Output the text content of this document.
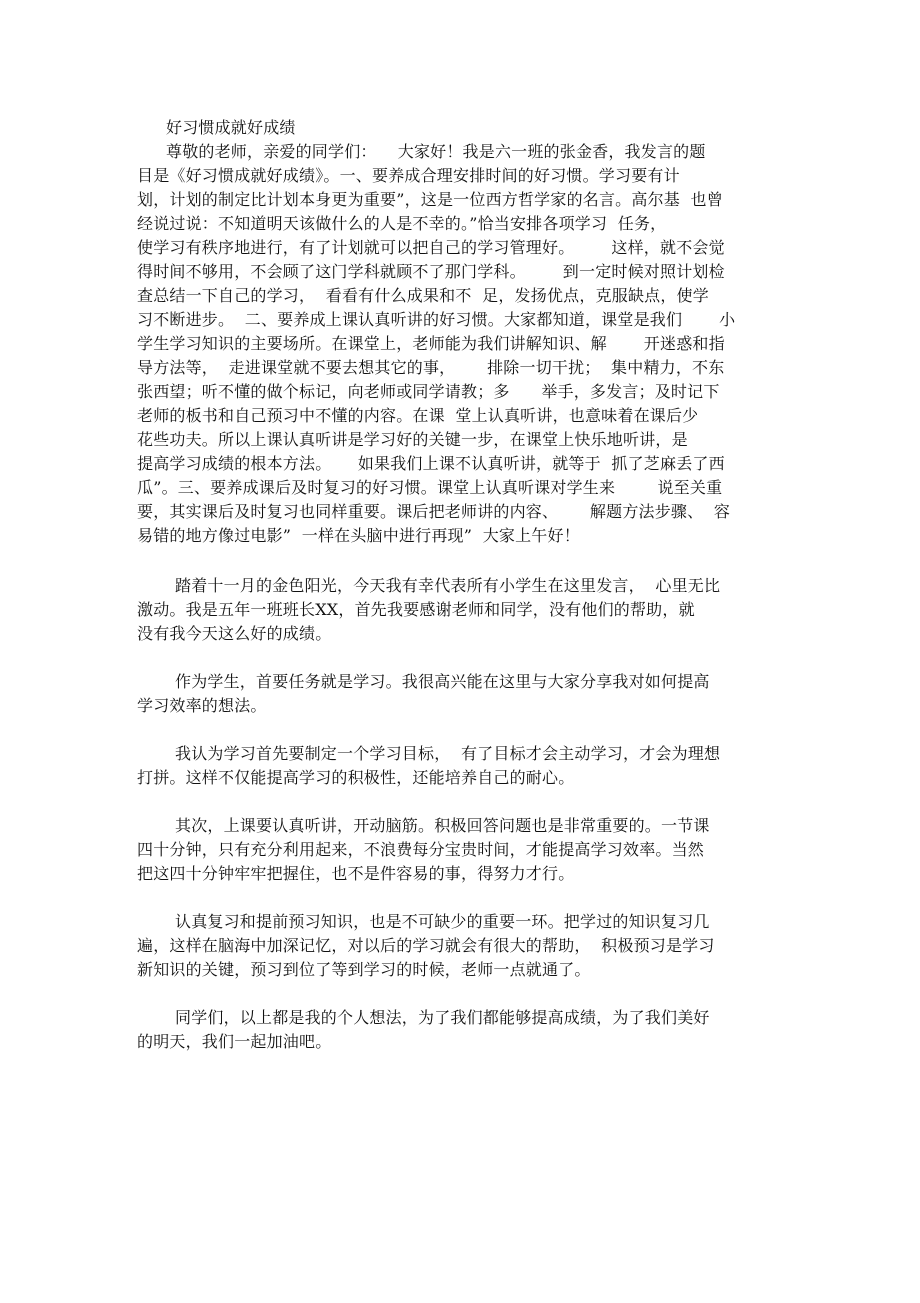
好习惯成就好成绩
尊敬的老师，亲爱的同学们：    大家好！我是六一班的张金香，我发言的题
目是《好习惯成就好成绩》。一、要养成合理安排时间的好习惯。学习要有计
划，计划的制定比计划本身更为重要”，这是一位西方哲学家的名言。高尔基  也曾
经说过说：不知道明天该做什么的人是不幸的。”恰当安排各项学习  任务，
使学习有秩序地进行，有了计划就可以把自己的学习管理好。       这样，就不会觉
得时间不够用，不会顾了这门学科就顾不了那门学科。       到一定时候对照计划检
查总结一下自己的学习，  看看有什么成果和不  足，发扬优点，克服缺点，使学
习不断进步。  二、要养成上课认真听讲的好习惯。大家都知道，课堂是我们       小
学生学习知识的主要场所。在课堂上，老师能为我们讲解知识、解       开迷惑和指
导方法等，  走进课堂就不要去想其它的事，      排除一切干扰；  集中精力，不东
张西望；听不懂的做个标记，向老师或同学请教；多      举手，多发言；及时记下
老师的板书和自己预习中不懂的内容。在课  堂上认真听讲，也意味着在课后少
花些功夫。所以上课认真听讲是学习好的关键一步，在课堂上快乐地听讲，是
提高学习成绩的根本方法。     如果我们上课不认真听讲，就等于  抓了芝麻丢了西
瓜”。三、要养成课后及时复习的好习惯。课堂上认真听课对学生来        说至关重
要，其实课后及时复习也同样重要。课后把老师讲的内容、      解题方法步骤、  容
易错的地方像过电影”  一样在头脑中进行再现”  大家上午好！
踏着十一月的金色阳光，今天我有幸代表所有小学生在这里发言，  心里无比
激动。我是五年一班班长XX，首先我要感谢老师和同学，没有他们的帮助，就
没有我今天这么好的成绩。
作为学生，首要任务就是学习。我很高兴能在这里与大家分享我对如何提高
学习效率的想法。
我认为学习首先要制定一个学习目标，  有了目标才会主动学习，才会为理想
打拼。这样不仅能提高学习的积极性，还能培养自己的耐心。
其次，上课要认真听讲，开动脑筋。积极回答问题也是非常重要的。一节课
四十分钟，只有充分利用起来，不浪费每分宝贵时间，才能提高学习效率。当然
把这四十分钟牢牢把握住，也不是件容易的事，得努力才行。
认真复习和提前预习知识，也是不可缺少的重要一环。把学过的知识复习几
遍，这样在脑海中加深记忆，对以后的学习就会有很大的帮助，  积极预习是学习
新知识的关键，预习到位了等到学习的时候，老师一点就通了。
同学们，以上都是我的个人想法，为了我们都能够提高成绩，为了我们美好
的明天，我们一起加油吧。
